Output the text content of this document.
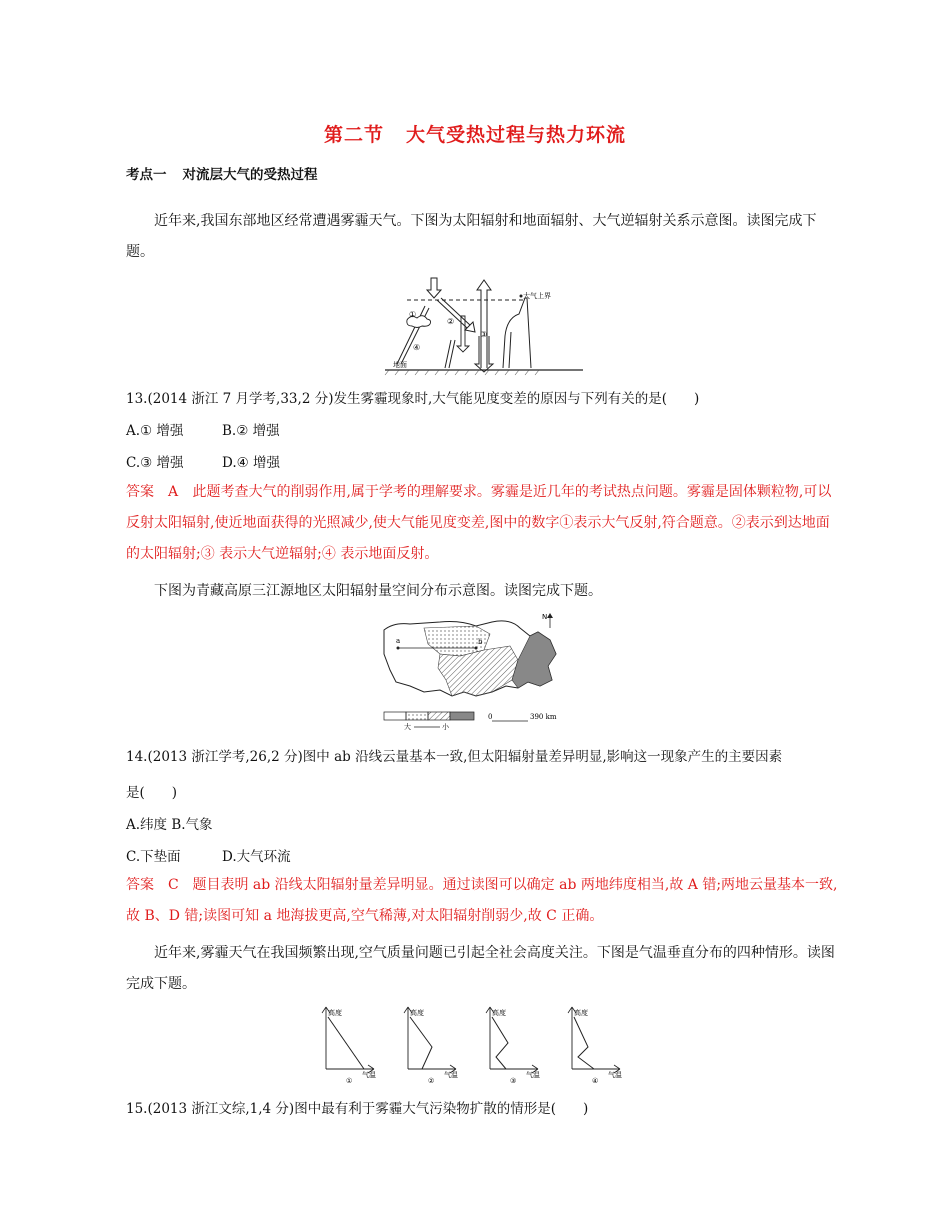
第二节 大气受热过程与热力环流
考点一 对流层大气的受热过程
近年来,我国东部地区经常遭遇雾霾天气。下图为太阳辐射和地面辐射、大气逆辐射关系示意图。读图完成下题。
大气上界
地面
①
②
③
④
13.(2014 浙江 7 月学考,33,2 分)发生雾霾现象时,大气能见度变差的原因与下列有关的是(　　)
A.① 增强	B.② 增强
C.③ 增强	D.④ 增强
答案 A 此题考查大气的削弱作用,属于学考的理解要求。雾霾是近几年的考试热点问题。雾霾是固体颗粒物,可以反射太阳辐射,使近地面获得的光照减少,使大气能见度变差,图中的数字①表示大气反射,符合题意。②表示到达地面的太阳辐射;③ 表示大气逆辐射;④ 表示地面反射。
下图为青藏高原三江源地区太阳辐射量空间分布示意图。读图完成下题。
a	b
N
大	小
0	390 km
14.(2013 浙江学考,26,2 分)图中 ab 沿线云量基本一致,但太阳辐射量差异明显,影响这一现象产生的主要因素
是(　　)
A.纬度 B.气象
C.下垫面	D.大气环流
答案 C 题目表明 ab 沿线太阳辐射量差异明显。通过读图可以确定 ab 两地纬度相当,故 A 错;两地云量基本一致,故 B、D 错;读图可知 a 地海拔更高,空气稀薄,对太阳辐射削弱少,故 C 正确。
近年来,雾霾天气在我国频繁出现,空气质量问题已引起全社会高度关注。下图是气温垂直分布的四种情形。读图完成下题。
高度
气温
①
高度
气温
②
高度
气温
③
高度
气温
④
15.(2013 浙江文综,1,4 分)图中最有利于雾霾大气污染物扩散的情形是(　　)
